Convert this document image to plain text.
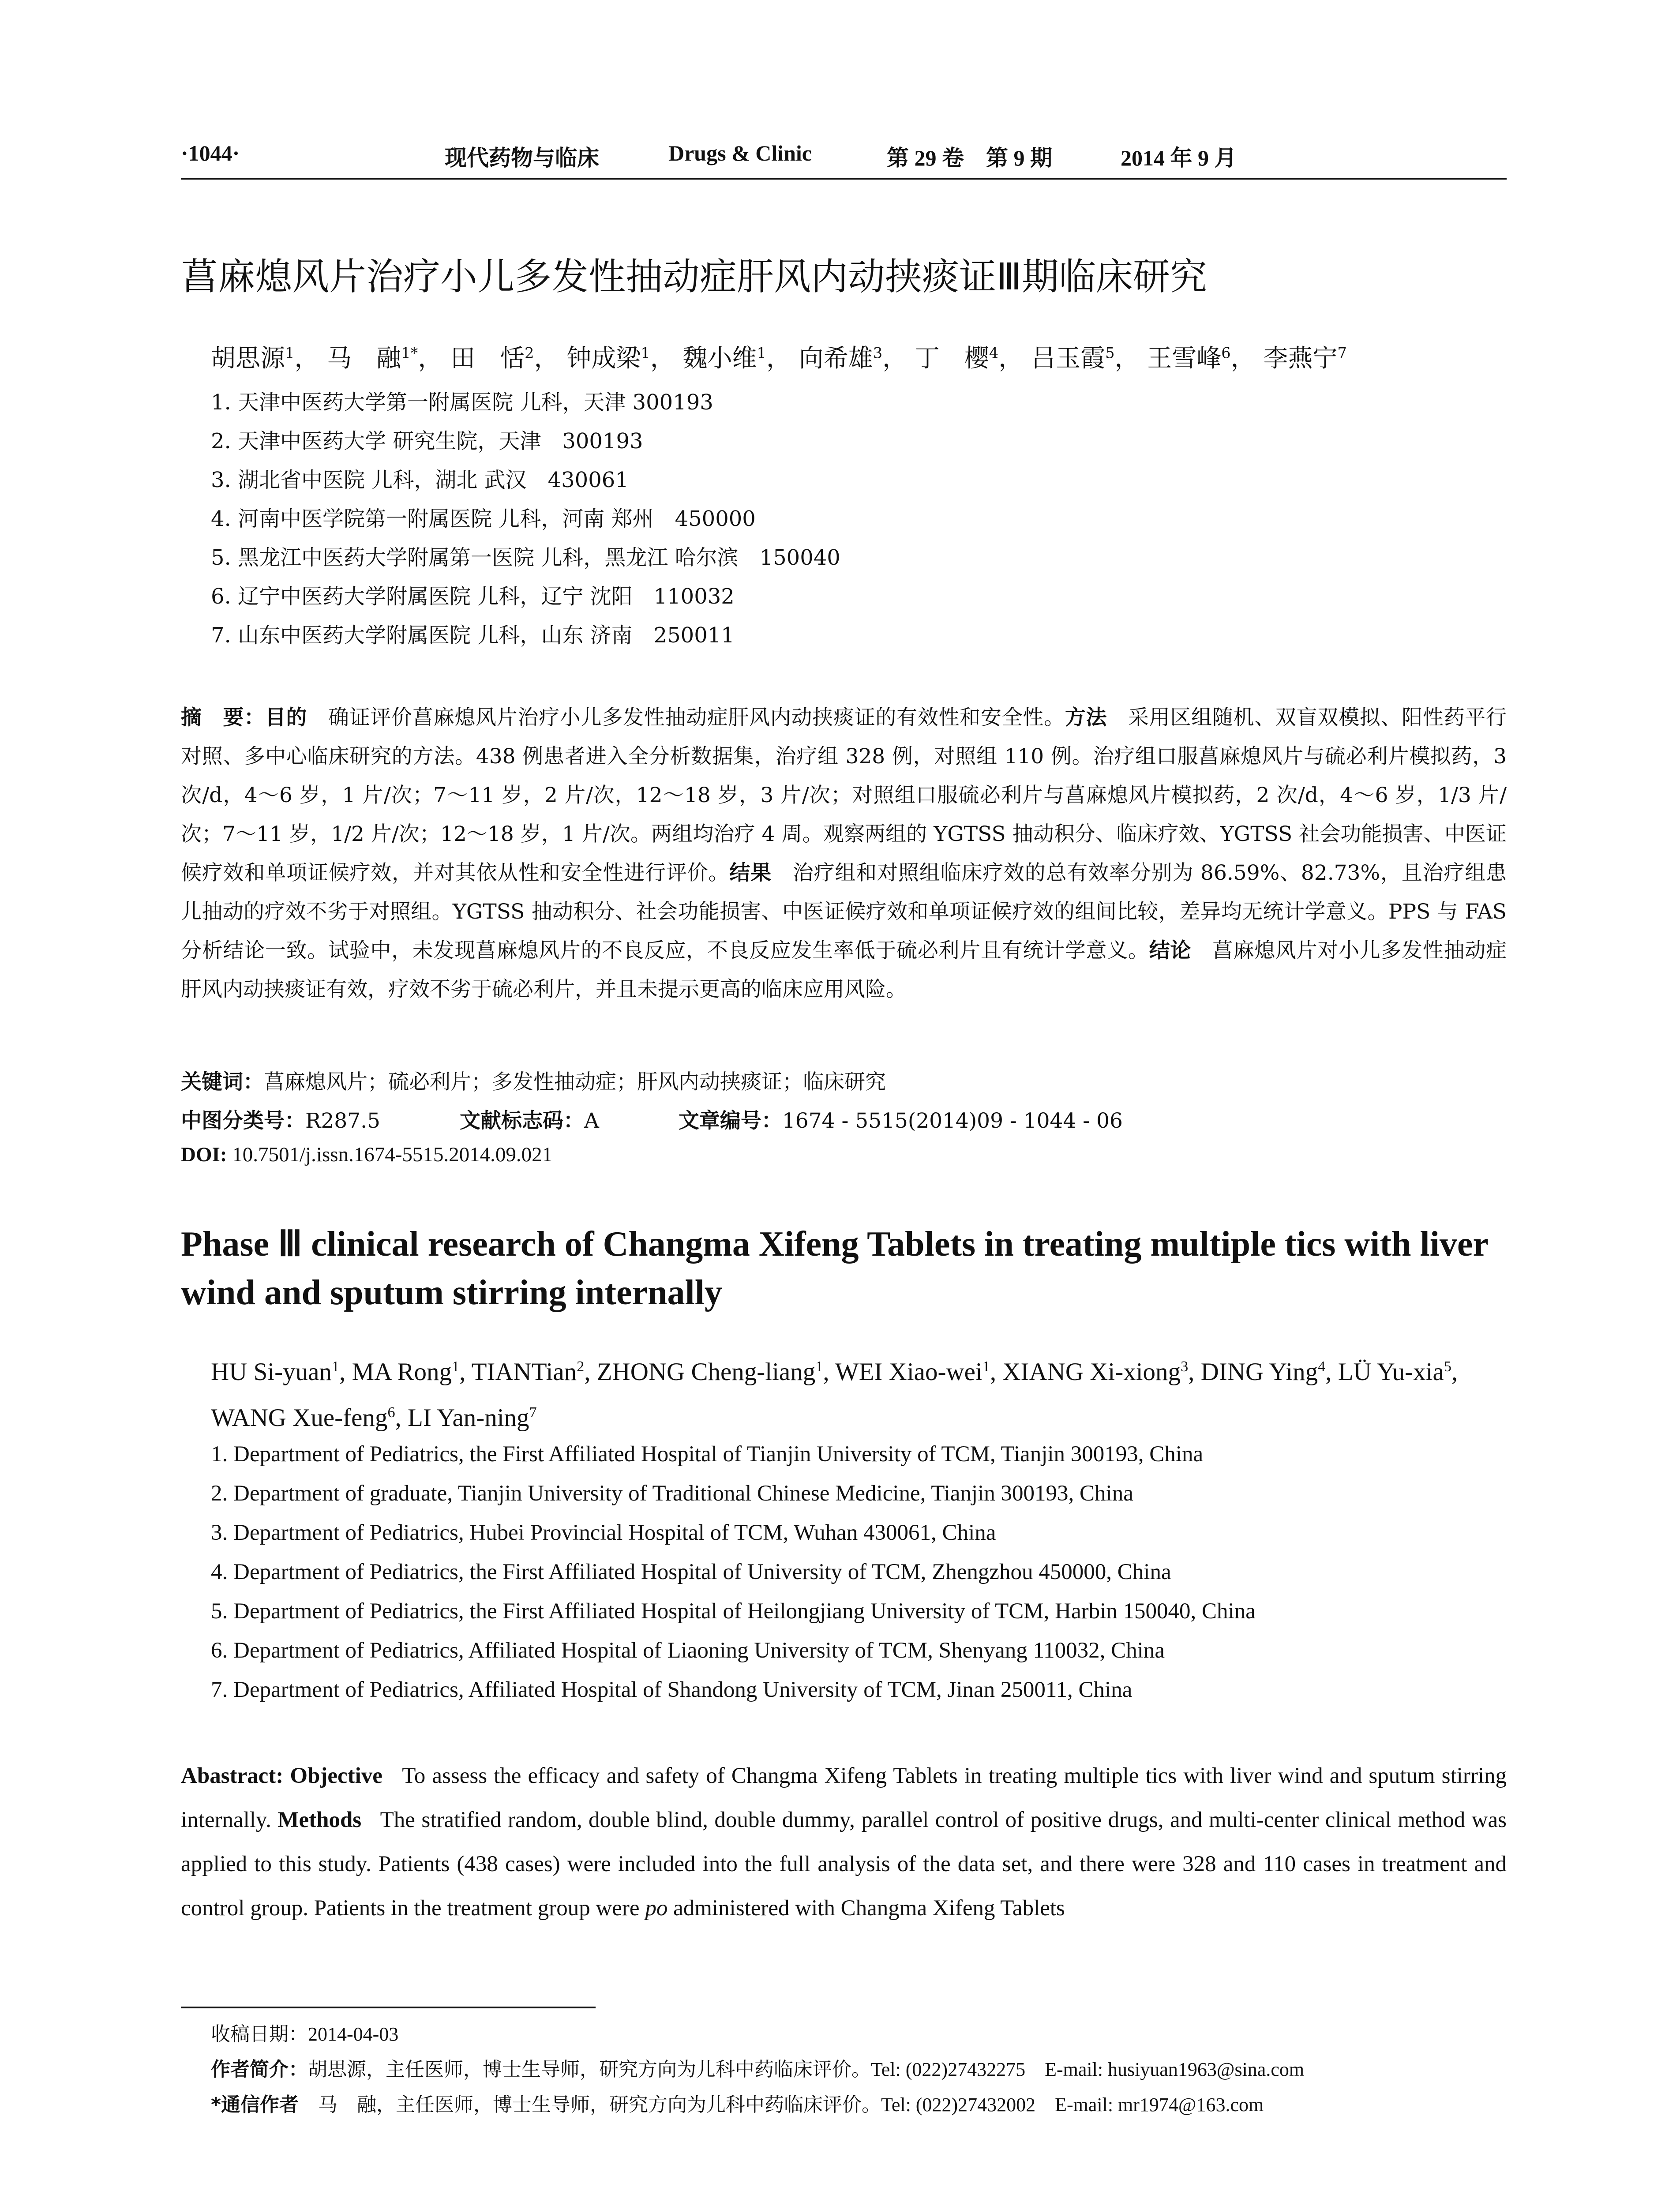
·1044·	现代药物与临床	Drugs & Clinic	第 29 卷　第 9 期	2014 年 9 月
菖麻熄风片治疗小儿多发性抽动症肝风内动挟痰证Ⅲ期临床研究
胡思源$^1$， 马　融$^{1*}$， 田　恬$^2$， 钟成梁$^1$， 魏小维$^1$， 向希雄$^3$， 丁　樱$^4$， 吕玉霞$^5$， 王雪峰$^6$， 李燕宁$^7$
1. 天津中医药大学第一附属医院 儿科，天津 300193
2. 天津中医药大学 研究生院，天津　300193
3. 湖北省中医院 儿科，湖北 武汉　430061
4. 河南中医学院第一附属医院 儿科，河南 郑州　450000
5. 黑龙江中医药大学附属第一医院 儿科，黑龙江 哈尔滨　150040
6. 辽宁中医药大学附属医院 儿科，辽宁 沈阳　110032
7. 山东中医药大学附属医院 儿科，山东 济南　250011
摘　要：目的　 确证评价菖麻熄风片治疗小儿多发性抽动症肝风内动挟痰证的有效性和安全性。方法　 采用区组随机、双盲双模拟、阳性药平行对照、多中心临床研究的方法。438 例患者进入全分析数据集，治疗组 328 例，对照组 110 例。治疗组口服菖麻熄风片与硫必利片模拟药，3 次/d，4～6 岁，1 片/次；7～11 岁，2 片/次，12～18 岁，3 片/次；对照组口服硫必利片与菖麻熄风片模拟药，2 次/d，4～6 岁，1/3 片/次；7～11 岁，1/2 片/次；12～18 岁，1 片/次。两组均治疗 4 周。观察两组的 YGTSS 抽动积分、临床疗效、YGTSS 社会功能损害、中医证候疗效和单项证候疗效，并对其依从性和安全性进行评价。结果　 治疗组和对照组临床疗效的总有效率分别为 86.59%、82.73%，且治疗组患儿抽动的疗效不劣于对照组。YGTSS 抽动积分、社会功能损害、中医证候疗效和单项证候疗效的组间比较，差异均无统计学意义。PPS 与 FAS 分析结论一致。试验中，未发现菖麻熄风片的不良反应，不良反应发生率低于硫必利片且有统计学意义。结论　 菖麻熄风片对小儿多发性抽动症肝风内动挟痰证有效，疗效不劣于硫必利片，并且未提示更高的临床应用风险。
关键词：菖麻熄风片；硫必利片；多发性抽动症；肝风内动挟痰证；临床研究
中图分类号：R287.5	文献标志码：A	文章编号：1674 - 5515(2014)09 - 1044 - 06
DOI: 10.7501/j.issn.1674-5515.2014.09.021
Phase Ⅲ clinical research of Changma Xifeng Tablets in treating multiple tics with liver wind and sputum stirring internally
HU Si-yuan$^1$, MA Rong$^1$, TIANTian$^2$, ZHONG Cheng-liang$^1$, WEI Xiao-wei$^1$, XIANG Xi-xiong$^3$, DING Ying$^4$, LÜ Yu-xia$^5$, WANG Xue-feng$^6$, LI Yan-ning$^7$
1. Department of Pediatrics, the First Affiliated Hospital of Tianjin University of TCM, Tianjin 300193, China
2. Department of graduate, Tianjin University of Traditional Chinese Medicine, Tianjin 300193, China
3. Department of Pediatrics, Hubei Provincial Hospital of TCM, Wuhan 430061, China
4. Department of Pediatrics, the First Affiliated Hospital of University of TCM, Zhengzhou 450000, China
5. Department of Pediatrics, the First Affiliated Hospital of Heilongjiang University of TCM, Harbin 150040, China
6. Department of Pediatrics, Affiliated Hospital of Liaoning University of TCM, Shenyang 110032, China
7. Department of Pediatrics, Affiliated Hospital of Shandong University of TCM, Jinan 250011, China
Abastract: Objective To assess the efficacy and safety of Changma Xifeng Tablets in treating multiple tics with liver wind and sputum stirring internally. Methods The stratified random, double blind, double dummy, parallel control of positive drugs, and multi-center clinical method was applied to this study. Patients (438 cases) were included into the full analysis of the data set, and there were 328 and 110 cases in treatment and control group. Patients in the treatment group were po administered with Changma Xifeng Tablets
收稿日期：2014-04-03
作者简介：胡思源，主任医师，博士生导师，研究方向为儿科中药临床评价。Tel: (022)27432275　E-mail: husiyuan1963@sina.com
*通信作者　 马　融，主任医师，博士生导师，研究方向为儿科中药临床评价。Tel: (022)27432002　E-mail: mr1974@163.com
